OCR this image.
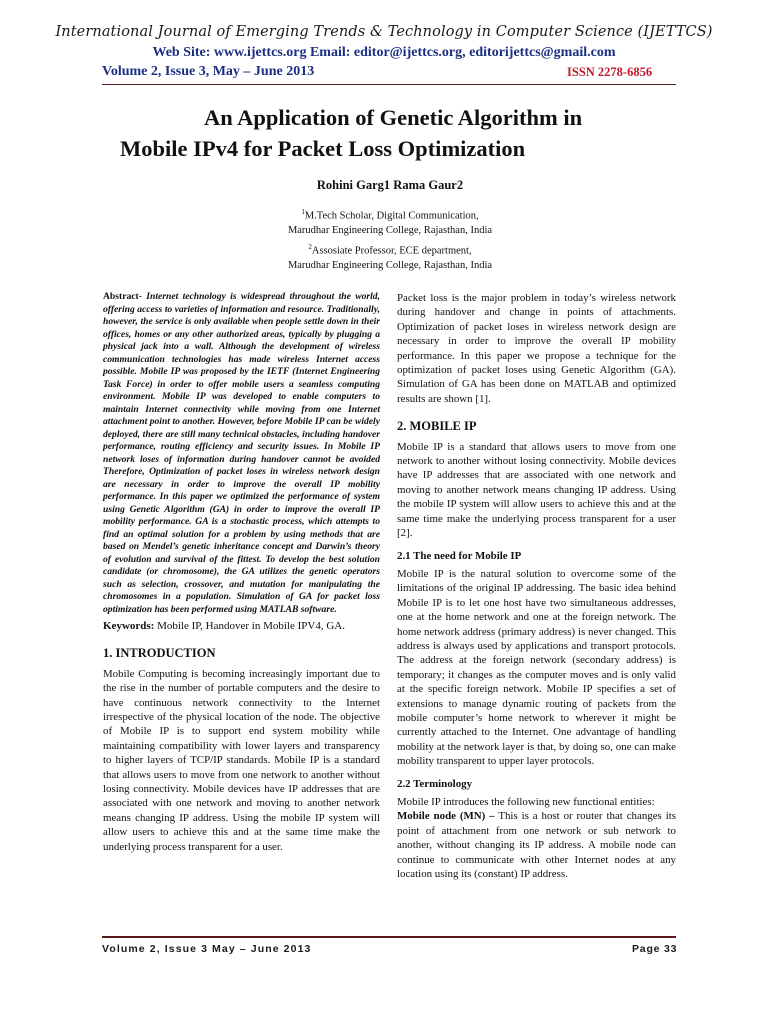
International Journal of Emerging Trends & Technology in Computer Science (IJETTCS)
Web Site: www.ijettcs.org Email: editor@ijettcs.org, editorijettcs@gmail.com
Volume 2, Issue 3, May – June 2013	ISSN 2278-6856
An Application of Genetic Algorithm in
Mobile IPv4 for Packet Loss Optimization
Rohini Garg1 Rama Gaur2
$^1$M.Tech Scholar, Digital Communication,
Marudhar Engineering College, Rajasthan, India
$^2$Assosiate Professor, ECE department,
Marudhar Engineering College, Rajasthan, India

Abstract- Internet technology is widespread throughout the world, offering access to varieties of information and resource. Traditionally, however, the service is only available when people settle down in their offices, homes or any other authorized areas, typically by plugging a physical jack into a wall. Although the development of wireless communication technologies has made wireless Internet access possible. Mobile IP was proposed by the IETF (Internet Engineering Task Force) in order to offer mobile users a seamless computing environment. Mobile IP was developed to enable computers to maintain Internet connectivity while moving from one Internet attachment point to another. However, before Mobile IP can be widely deployed, there are still many technical obstacles, including handover performance, routing efficiency and security issues. In Mobile IP network loses of information during handover cannot be avoided Therefore, Optimization of packet loses in wireless network design are necessary in order to improve the overall IP mobility performance. In this paper we optimized the performance of system using Genetic Algorithm (GA) in order to improve the overall IP mobility performance. GA is a stochastic process, which attempts to find an optimal solution for a problem by using methods that are based on Mendel’s genetic inheritance concept and Darwin’s theory of evolution and survival of the fittest. To develop the best solution candidate (or chromosome), the GA utilizes the genetic operators such as selection, crossover, and mutation for manipulating the chromosomes in a population. Simulation of GA for packet loss optimization has been performed using MATLAB software.

Keywords: Mobile IP, Handover in Mobile IPV4, GA.

1. INTRODUCTION

Mobile Computing is becoming increasingly important due to the rise in the number of portable computers and the desire to have continuous network connectivity to the Internet irrespective of the physical location of the node. The objective of Mobile IP is to support end system mobility while maintaining compatibility with lower layers and transparency to higher layers of TCP/IP standards. Mobile IP is a standard that allows users to move from one network to another without losing connectivity. Mobile devices have IP addresses that are associated with one network and moving to another network means changing IP address. Using the mobile IP system will allow users to achieve this and at the same time make the underlying process transparent for a user.

Packet loss is the major problem in today’s wireless network during handover and change in points of attachments. Optimization of packet loses in wireless network design are necessary in order to improve the overall IP mobility performance. In this paper we propose a technique for the optimization of packet loses using Genetic Algorithm (GA). Simulation of GA has been done on MATLAB and optimized results are shown [1].

2. MOBILE IP

Mobile IP is a standard that allows users to move from one network to another without losing connectivity. Mobile devices have IP addresses that are associated with one network and moving to another network means changing IP address. Using the mobile IP system will allow users to achieve this and at the same time make the underlying process transparent for a user [2].

2.1 The need for Mobile IP

Mobile IP is the natural solution to overcome some of the limitations of the original IP addressing. The basic idea behind Mobile IP is to let one host have two simultaneous addresses, one at the home network and one at the foreign network. The home network address (primary address) is never changed. This address is always used by applications and transport protocols. The address at the foreign network (secondary address) is temporary; it changes as the computer moves and is only valid at the specific foreign network. Mobile IP specifies a set of extensions to manage dynamic routing of packets from the mobile computer’s home network to wherever it might be currently attached to the Internet. One advantage of handling mobility at the network layer is that, by doing so, one can make mobility transparent to upper layer protocols.

2.2 Terminology

Mobile IP introduces the following new functional entities:

Mobile node (MN) – This is a host or router that changes its point of attachment from one network or sub network to another, without changing its IP address. A mobile node can continue to communicate with other Internet nodes at any location using its (constant) IP address.

Volume 2, Issue 3 May – June 2013	Page 33
